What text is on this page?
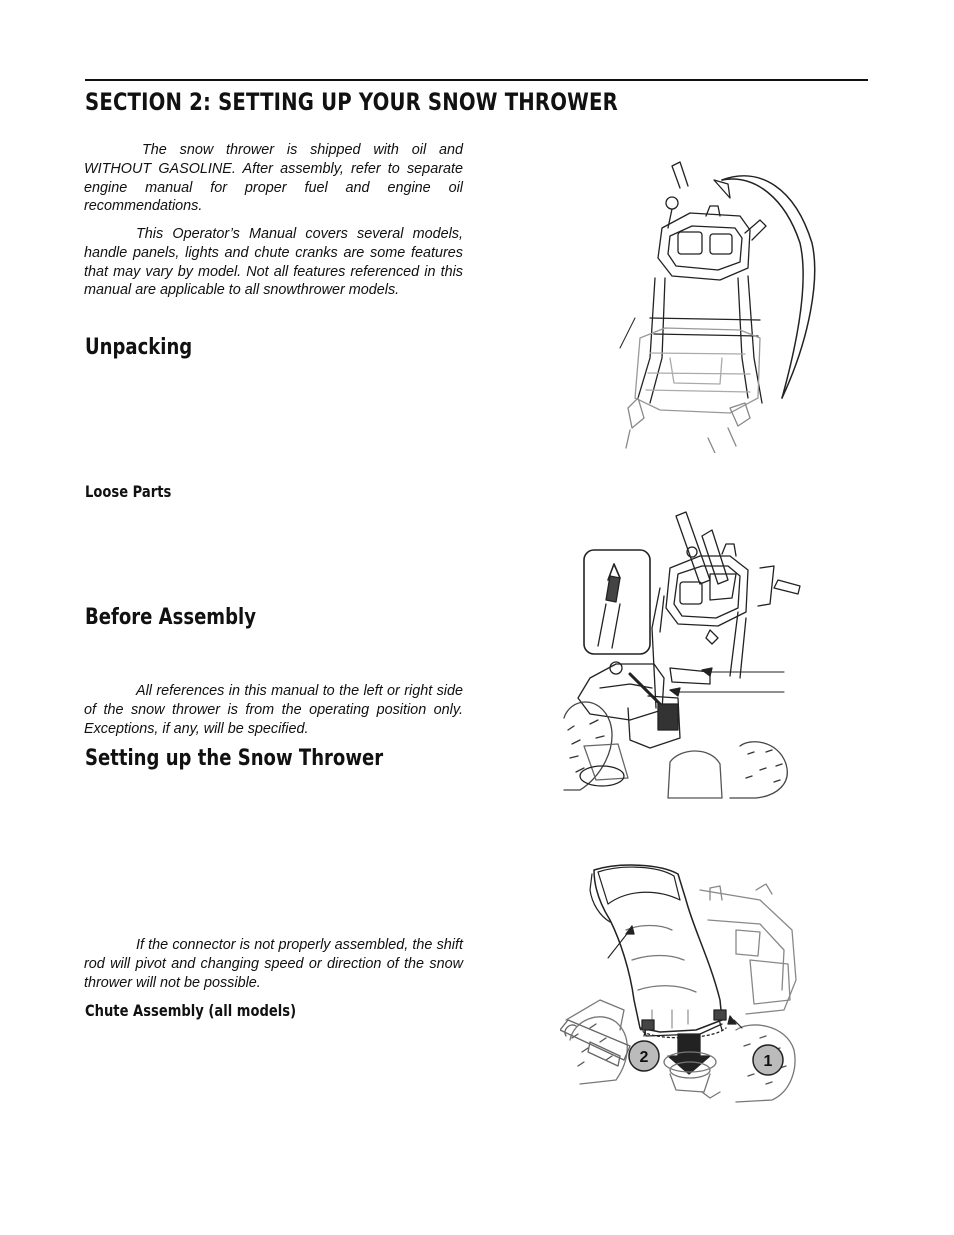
SECTION 2: SETTING UP YOUR SNOW THROWER

The snow thrower is shipped with oil and WITHOUT GASOLINE. After assembly, refer to separate engine manual for proper fuel and engine oil recommendations.

This Operator’s Manual covers several models, handle panels, lights and chute cranks are some features that may vary by model. Not all features referenced in this manual are applicable to all snowthrower models.

Unpacking
Loose Parts
Before Assembly

All references in this manual to the left or right side of the snow thrower is from the operating position only. Exceptions, if any, will be specified.

Setting up the Snow Thrower

If the connector is not properly assembled, the shift rod will pivot and changing speed or direction of the snow thrower will not be possible.

Chute Assembly (all models)
2	1
